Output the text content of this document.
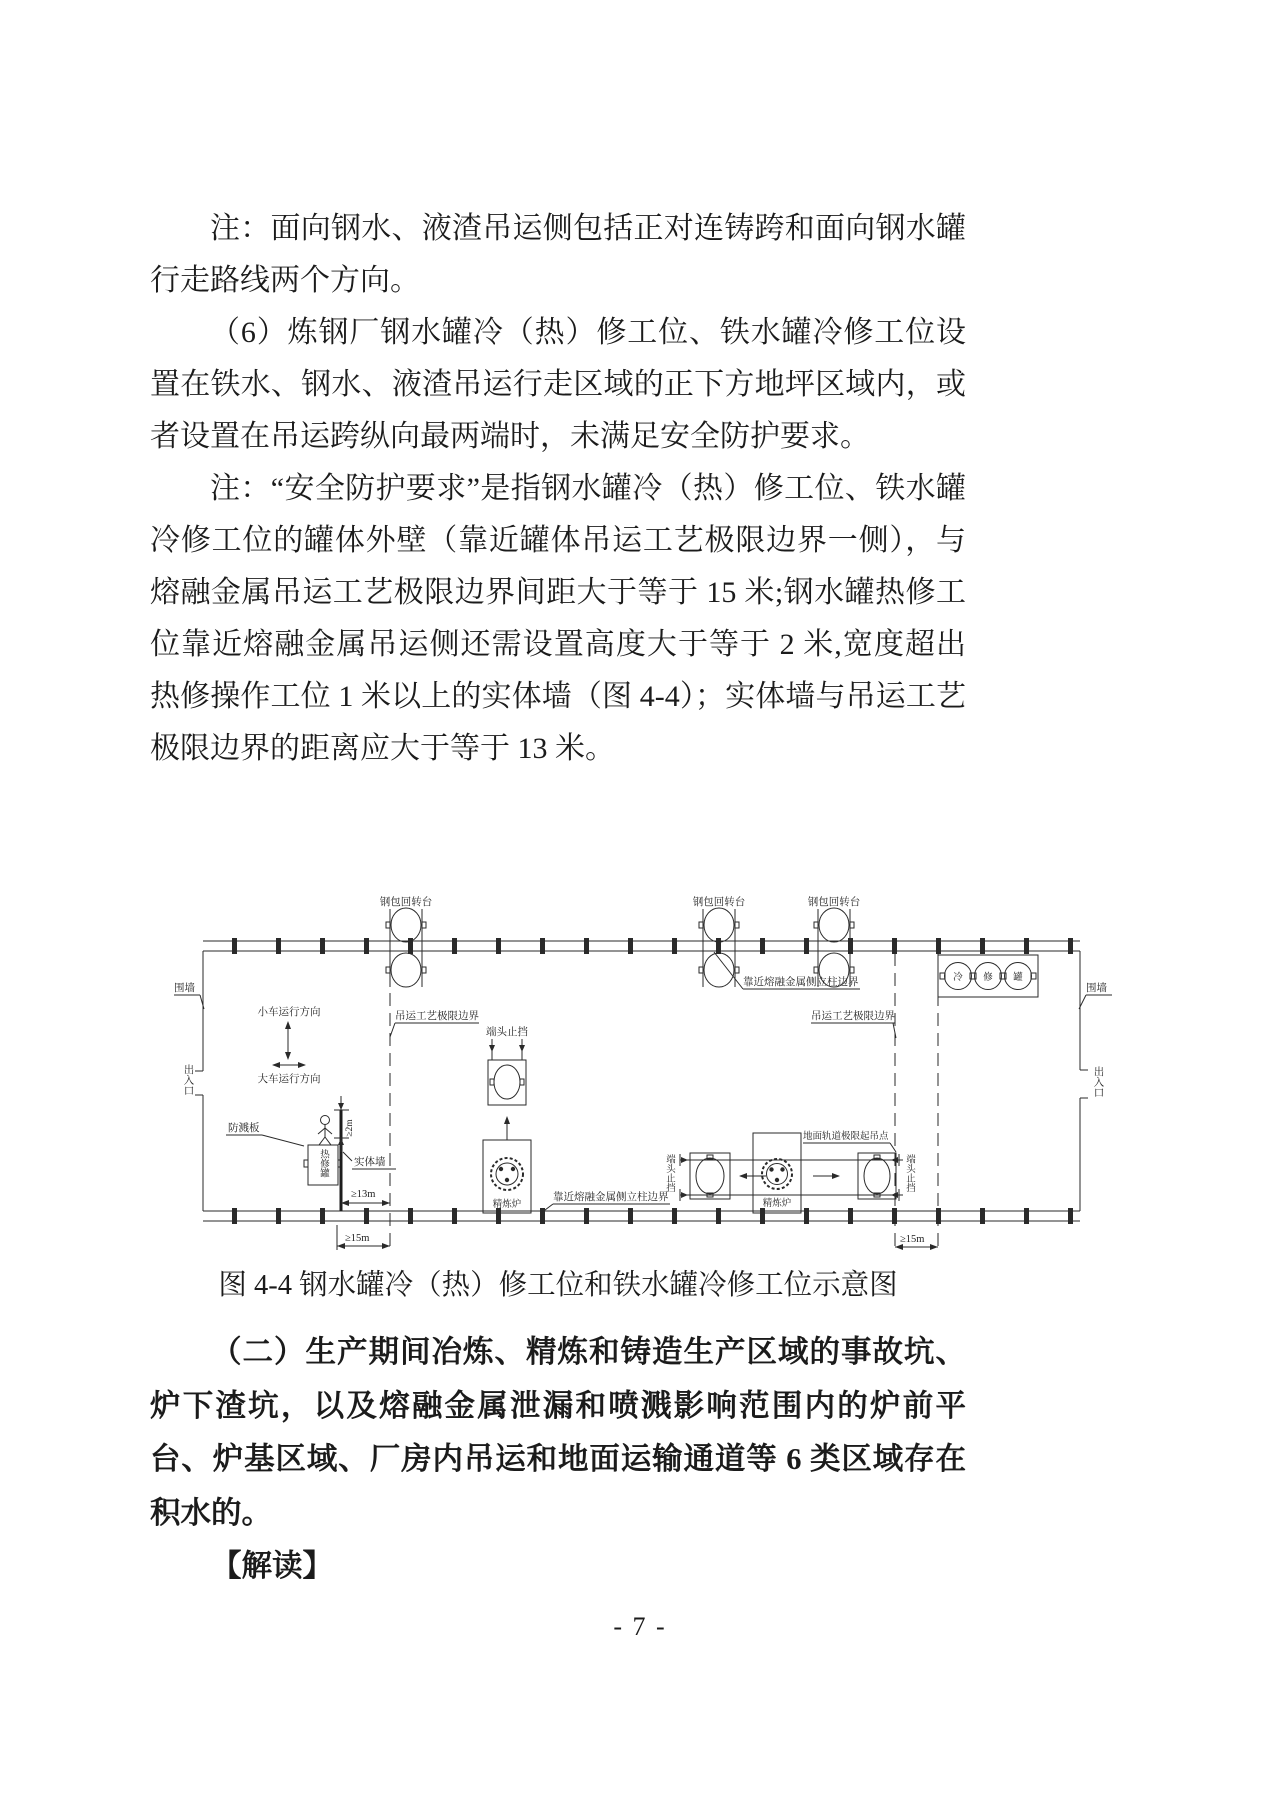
注：面向钢水、液渣吊运侧包括正对连铸跨和面向钢水罐行走路线两个方向。

（6）炼钢厂钢水罐冷（热）修工位、铁水罐冷修工位设置在铁水、钢水、液渣吊运行走区域的正下方地坪区域内，或者设置在吊运跨纵向最两端时，未满足安全防护要求。

注：“安全防护要求”是指钢水罐冷（热）修工位、铁水罐冷修工位的罐体外壁（靠近罐体吊运工艺极限边界一侧），与熔融金属吊运工艺极限边界间距大于等于 15 米;钢水罐热修工位靠近熔融金属吊运侧还需设置高度大于等于 2 米,宽度超出热修操作工位 1 米以上的实体墙（图 4-4）；实体墙与吊运工艺极限边界的距离应大于等于 13 米。

围墙	围墙
出入口	出入口
钢包回转台	钢包回转台	钢包回转台
吊运工艺极限边界	吊运工艺极限边界
靠近熔融金属侧立柱边界
小车运行方向
大车运行方向
防溅板
热修罐
≥2m
实体墙
≥13m
≥15m
端头止挡
精炼炉
靠近熔融金属侧立柱边界
端头止挡
精炼炉
端头止挡
地面轨道极限起吊点
≥15m
冷 修 罐
图 4-4 钢水罐冷（热）修工位和铁水罐冷修工位示意图

（二）生产期间冶炼、精炼和铸造生产区域的事故坑、炉下渣坑，以及熔融金属泄漏和喷溅影响范围内的炉前平台、炉基区域、厂房内吊运和地面运输通道等 6 类区域存在积水的。

【解读】

- 7 -
